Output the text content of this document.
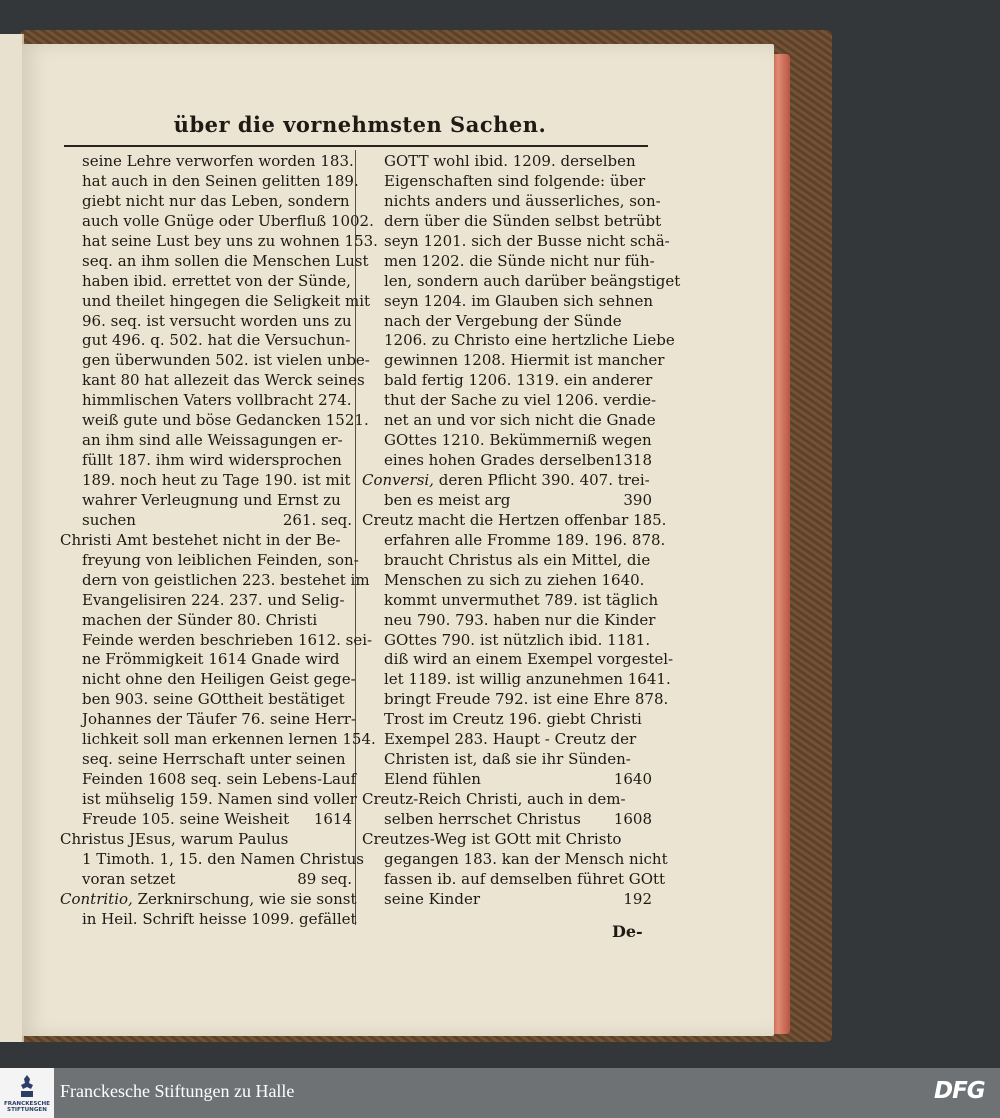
über die vornehmsten Sachen.
seine Lehre verworfen worden 183.
hat auch in den Seinen gelitten 189.
giebt nicht nur das Leben, sondern
auch volle Gnüge oder Uberfluß 1002.
hat seine Lust bey uns zu wohnen 153.
seq. an ihm sollen die Menschen Lust
haben ibid. errettet von der Sünde,
und theilet hingegen die Seligkeit mit
96. seq. ist versucht worden uns zu
gut 496. q. 502. hat die Versuchun-
gen überwunden 502. ist vielen unbe-
kant 80 hat allezeit das Werck seines
himmlischen Vaters vollbracht 274.
weiß gute und böse Gedancken 1521.
an ihm sind alle Weissagungen er-
füllt 187. ihm wird widersprochen
189. noch heut zu Tage 190. ist mit
wahrer Verleugnung und Ernst zu
261. seq.
suchen
Christi Amt bestehet nicht in der Be-
freyung von leiblichen Feinden, son-
dern von geistlichen 223. bestehet im
Evangelisiren 224. 237. und Selig-
machen der Sünder 80. Christi
Feinde werden beschrieben 1612. sei-
ne Frömmigkeit 1614 Gnade wird
nicht ohne den Heiligen Geist gege-
ben 903. seine GOttheit bestätiget
Johannes der Täufer 76. seine Herr-
lichkeit soll man erkennen lernen 154.
seq. seine Herrschaft unter seinen
Feinden 1608 seq. sein Lebens-Lauf
ist mühselig 159. Namen sind voller
1614
Freude 105. seine Weisheit
Christus JEsus, warum Paulus
1 Timoth. 1, 15. den Namen Christus
89 seq.
voran setzet
Contritio, Zerknirschung, wie sie sonst
in Heil. Schrift heisse 1099. gefället
GOTT wohl ibid. 1209. derselben
Eigenschaften sind folgende: über
nichts anders und äusserliches, son-
dern über die Sünden selbst betrübt
seyn 1201. sich der Busse nicht schä-
men 1202. die Sünde nicht nur füh-
len, sondern auch darüber beängstiget
seyn 1204. im Glauben sich sehnen
nach der Vergebung der Sünde
1206. zu Christo eine hertzliche Liebe
gewinnen 1208. Hiermit ist mancher
bald fertig 1206. 1319. ein anderer
thut der Sache zu viel 1206. verdie-
net an und vor sich nicht die Gnade
GOttes 1210. Bekümmerniß wegen
1318
eines hohen Grades derselben
Conversi, deren Pflicht 390. 407. trei-
390
ben es meist arg
Creutz macht die Hertzen offenbar 185.
erfahren alle Fromme 189. 196. 878.
braucht Christus als ein Mittel, die
Menschen zu sich zu ziehen 1640.
kommt unvermuthet 789. ist täglich
neu 790. 793. haben nur die Kinder
GOttes 790. ist nützlich ibid. 1181.
diß wird an einem Exempel vorgestel-
let 1189. ist willig anzunehmen 1641.
bringt Freude 792. ist eine Ehre 878.
Trost im Creutz 196. giebt Christi
Exempel 283. Haupt - Creutz der
Christen ist, daß sie ihr Sünden-
1640
Elend fühlen
Creutz-Reich Christi, auch in dem-
1608
selben herrschet Christus
Creutzes-Weg ist GOtt mit Christo
gegangen 183. kan der Mensch nicht
fassen ib. auf demselben führet GOtt
192
seine Kinder
De-
FRANCKESCHE STIFTUNGEN
Franckesche Stiftungen zu Halle	DFG
